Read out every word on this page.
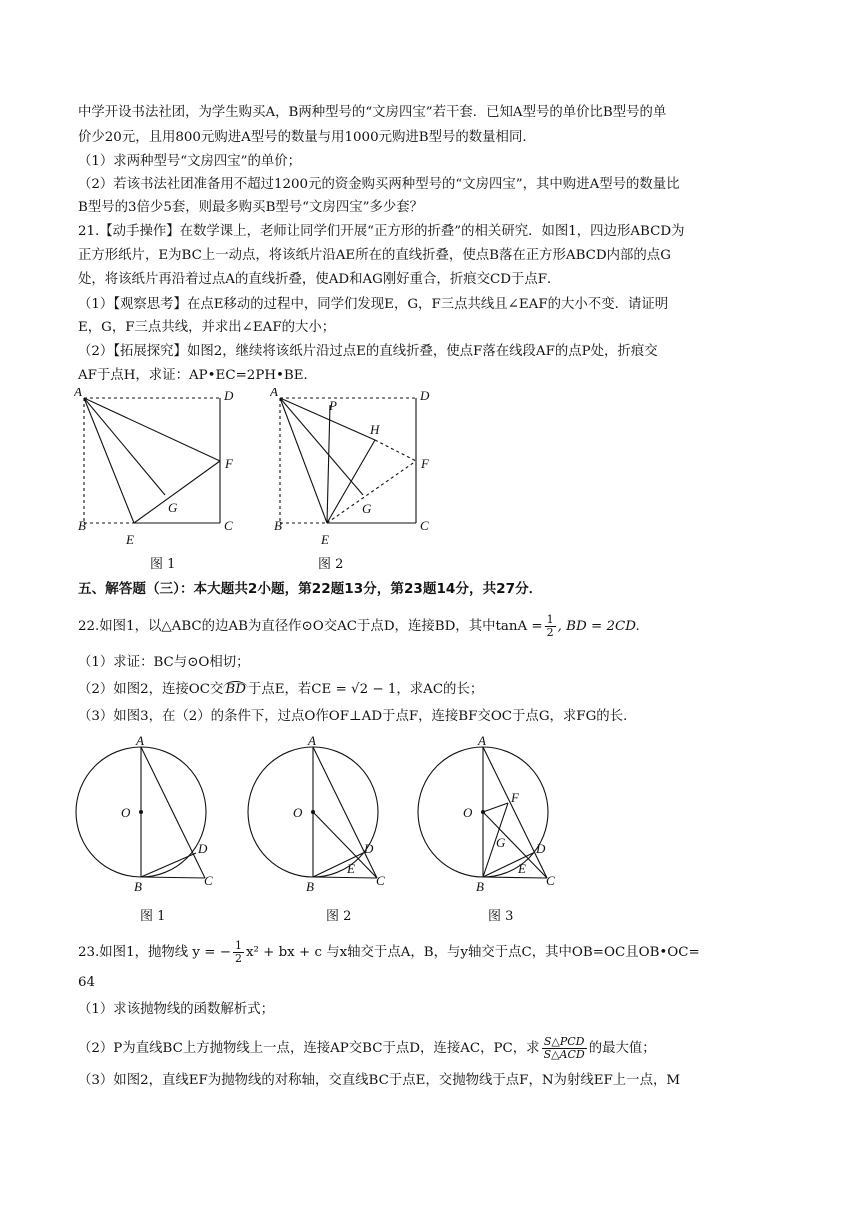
中学开设书法社团，为学生购买A，B两种型号的“文房四宝”若干套．已知A型号的单价比B型号的单
价少20元，且用800元购进A型号的数量与用1000元购进B型号的数量相同．
（1）求两种型号“文房四宝”的单价；
（2）若该书法社团准备用不超过1200元的资金购买两种型号的“文房四宝”，其中购进A型号的数量比
B型号的3倍少5套，则最多购买B型号“文房四宝”多少套？
21.【动手操作】在数学课上，老师让同学们开展“正方形的折叠”的相关研究．如图1，四边形ABCD为
正方形纸片，E为BC上一动点，将该纸片沿AE所在的直线折叠，使点B落在正方形ABCD内部的点G
处，将该纸片再沿着过点A的直线折叠，使AD和AG刚好重合，折痕交CD于点F．
（1）【观察思考】在点E移动的过程中，同学们发现E，G，F三点共线且∠EAF的大小不变．请证明
E，G，F三点共线，并求出∠EAF的大小；
（2）【拓展探究】如图2，继续将该纸片沿过点E的直线折叠，使点F落在线段AF的点P处，折痕交
AF于点H，求证：AP•EC=2PH•BE．
A	D
F
G
B
E
C
图 1
A
P
D
H
F
G
B
E
C
图 2
五、解答题（三）：本大题共2小题，第22题13分，第23题14分，共27分．
22.如图1，以△ABC的边AB为直径作⊙O交AC于点D，连接BD，其中$\tan A = \frac{1}{2}$ , BD = 2CD.
（1）求证：BC与⊙O相切；
（2）如图2，连接OC交 BD 于点E，若CE = √2 − 1，求AC的长；
（3）如图3，在（2）的条件下，过点O作OF⊥AD于点F，连接BF交OC于点G，求FG的长．
A
O
D
B	C
图 1
A
O
D
E
B	C
图 2
A
O
F
G D
E
B	C
图 3
23.如图1，抛物线 y = − $\frac{1}{2} x^2$ + bx + c 与x轴交于点A，B，与y轴交于点C，其中OB=OC且OB•OC=
64
（1）求该抛物线的函数解析式；
（2）P为直线BC上方抛物线上一点，连接AP交BC于点D，连接AC，PC，求 $\frac{\text{S△PCD}}{\text{S△ACD}}$ 的最大值；
（3）如图2，直线EF为抛物线的对称轴，交直线BC于点E，交抛物线于点F，N为射线EF上一点，M
